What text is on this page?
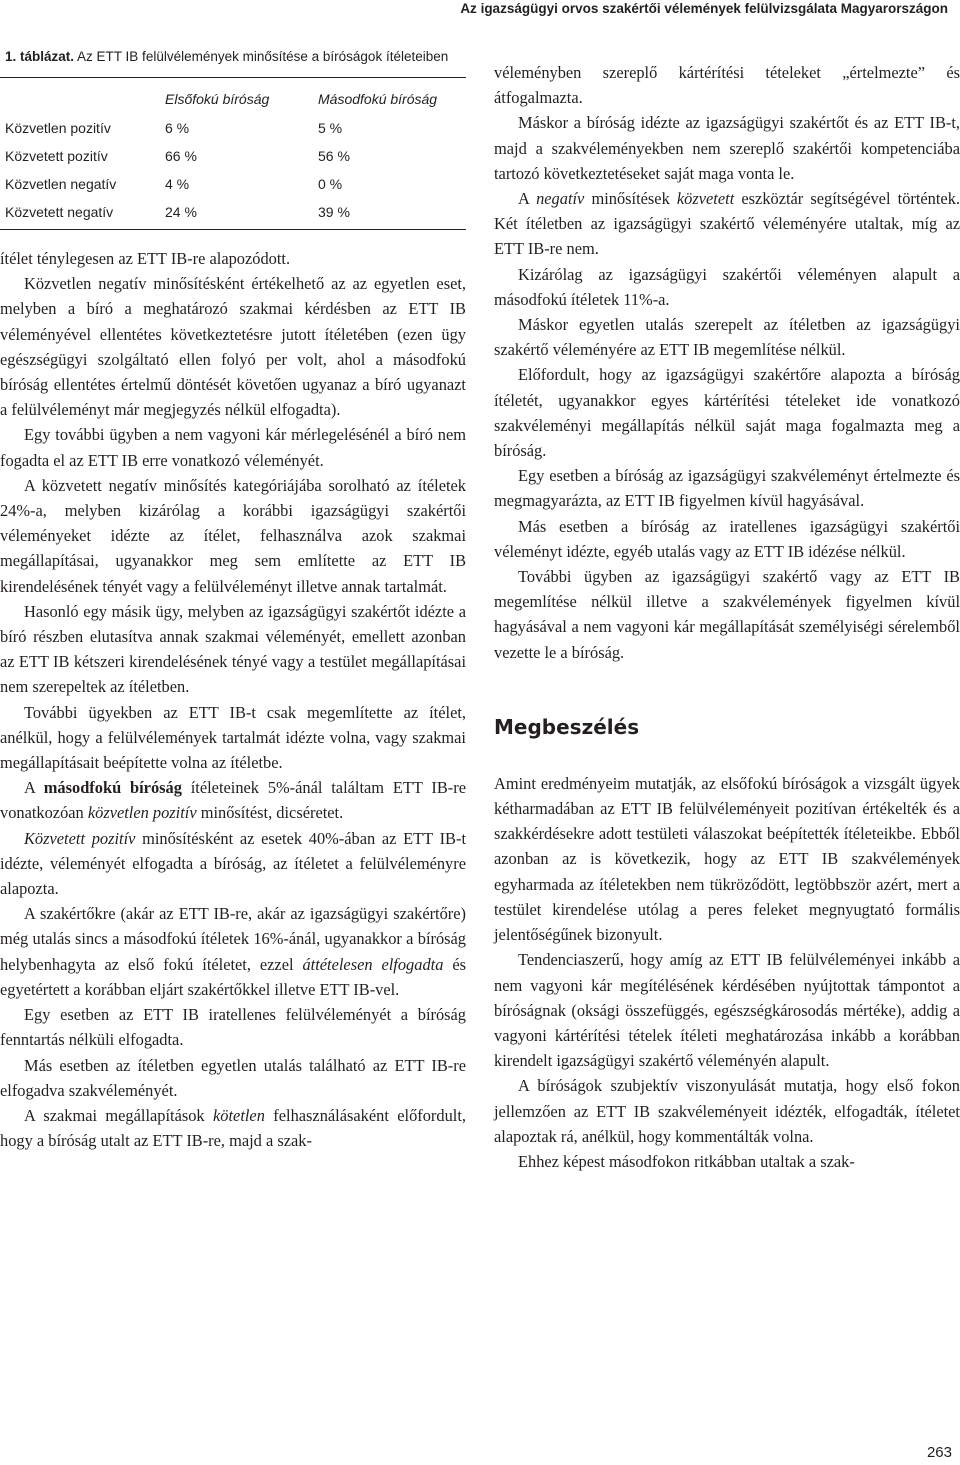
Az igazságügyi orvos szakértői vélemények felülvizsgálata Magyarországon
1. táblázat. Az ETT IB felülvélemények minősítése a bíróságok ítéleteiben
	Elsőfokú bíróság	Másodfokú bíróság
Közvetlen pozitív	6 %	5 %
Közvetett pozitív	66 %	56 %
Közvetlen negatív	4 %	0 %
Közvetett negatív	24 %	39 %

ítélet ténylegesen az ETT IB-re alapozódott.

Közvetlen negatív minősítésként értékelhető az az egyetlen eset, melyben a bíró a meghatározó szakmai kérdésben az ETT IB véleményével ellentétes következtetésre jutott ítéletében (ezen ügy egészségügyi szolgáltató ellen folyó per volt, ahol a másodfokú bíróság ellentétes értelmű döntését követően ugyanaz a bíró ugyanazt a felülvéleményt már megjegyzés nélkül elfogadta).

Egy további ügyben a nem vagyoni kár mérlegelésénél a bíró nem fogadta el az ETT IB erre vonatkozó véleményét.

A közvetett negatív minősítés kategóriájába sorolható az ítéletek 24%-a, melyben kizárólag a korábbi igazságügyi szakértői véleményeket idézte az ítélet, felhasználva azok szakmai megállapításai, ugyanakkor meg sem említette az ETT IB kirendelésének tényét vagy a felülvéleményt illetve annak tartalmát.

Hasonló egy másik ügy, melyben az igazságügyi szakértőt idézte a bíró részben elutasítva annak szakmai véleményét, emellett azonban az ETT IB kétszeri kirendelésének tényé vagy a testület megállapításai nem szerepeltek az ítéletben.

További ügyekben az ETT IB-t csak megemlítette az ítélet, anélkül, hogy a felülvélemények tartalmát idézte volna, vagy szakmai megállapításait beépítette volna az ítéletbe.

A másodfokú bíróság ítéleteinek 5%-ánál találtam ETT IB-re vonatkozóan közvetlen pozitív minősítést, dicséretet.

Közvetett pozitív minősítésként az esetek 40%-ában az ETT IB-t idézte, véleményét elfogadta a bíróság, az ítéletet a felülvéleményre alapozta.

A szakértőkre (akár az ETT IB-re, akár az igazságügyi szakértőre) még utalás sincs a másodfokú ítéletek 16%-ánál, ugyanakkor a bíróság helybenhagyta az első fokú ítéletet, ezzel áttételesen elfogadta és egyetértett a korábban eljárt szakértőkkel illetve ETT IB-vel.

Egy esetben az ETT IB iratellenes felülvéleményét a bíróság fenntartás nélküli elfogadta.

Más esetben az ítéletben egyetlen utalás található az ETT IB-re elfogadva szakvéleményét.

A szakmai megállapítások kötetlen felhasználásaként előfordult, hogy a bíróság utalt az ETT IB-re, majd a szak-

véleményben szereplő kártérítési tételeket „értelmezte” és átfogalmazta.

Máskor a bíróság idézte az igazságügyi szakértőt és az ETT IB-t, majd a szakvéleményekben nem szereplő szakértői kompetenciába tartozó következtetéseket saját maga vonta le.

A negatív minősítések közvetett eszköztár segítségével történtek. Két ítéletben az igazságügyi szakértő véleményére utaltak, míg az ETT IB-re nem.

Kizárólag az igazságügyi szakértői véleményen alapult a másodfokú ítéletek 11%-a.

Máskor egyetlen utalás szerepelt az ítéletben az igazságügyi szakértő véleményére az ETT IB megemlítése nélkül.

Előfordult, hogy az igazságügyi szakértőre alapozta a bíróság ítéletét, ugyanakkor egyes kártérítési tételeket ide vonatkozó szakvéleményi megállapítás nélkül saját maga fogalmazta meg a bíróság.

Egy esetben a bíróság az igazságügyi szakvéleményt értelmezte és megmagyarázta, az ETT IB figyelmen kívül hagyásával.

Más esetben a bíróság az iratellenes igazságügyi szakértői véleményt idézte, egyéb utalás vagy az ETT IB idézése nélkül.

További ügyben az igazságügyi szakértő vagy az ETT IB megemlítése nélkül illetve a szakvélemények figyelmen kívül hagyásával a nem vagyoni kár megállapítását személyiségi sérelemből vezette le a bíróság.

Megbeszélés

Amint eredményeim mutatják, az elsőfokú bíróságok a vizsgált ügyek kétharmadában az ETT IB felülvéleményeit pozitívan értékelték és a szakkérdésekre adott testületi válaszokat beépítették ítéleteikbe. Ebből azonban az is következik, hogy az ETT IB szakvélemények egyharmada az ítéletekben nem tükröződött, legtöbbször azért, mert a testület kirendelése utólag a peres feleket megnyugtató formális jelentőségűnek bizonyult.

Tendenciaszerű, hogy amíg az ETT IB felülvéleményei inkább a nem vagyoni kár megítélésének kérdésében nyújtottak támpontot a bíróságnak (oksági összefüggés, egészségkárosodás mértéke), addig a vagyoni kártérítési tételek ítéleti meghatározása inkább a korábban kirendelt igazságügyi szakértő véleményén alapult.

A bíróságok szubjektív viszonyulását mutatja, hogy első fokon jellemzően az ETT IB szakvéleményeit idézték, elfogadták, ítéletet alapoztak rá, anélkül, hogy kommentálták volna.

Ehhez képest másodfokon ritkábban utaltak a szak-

263
